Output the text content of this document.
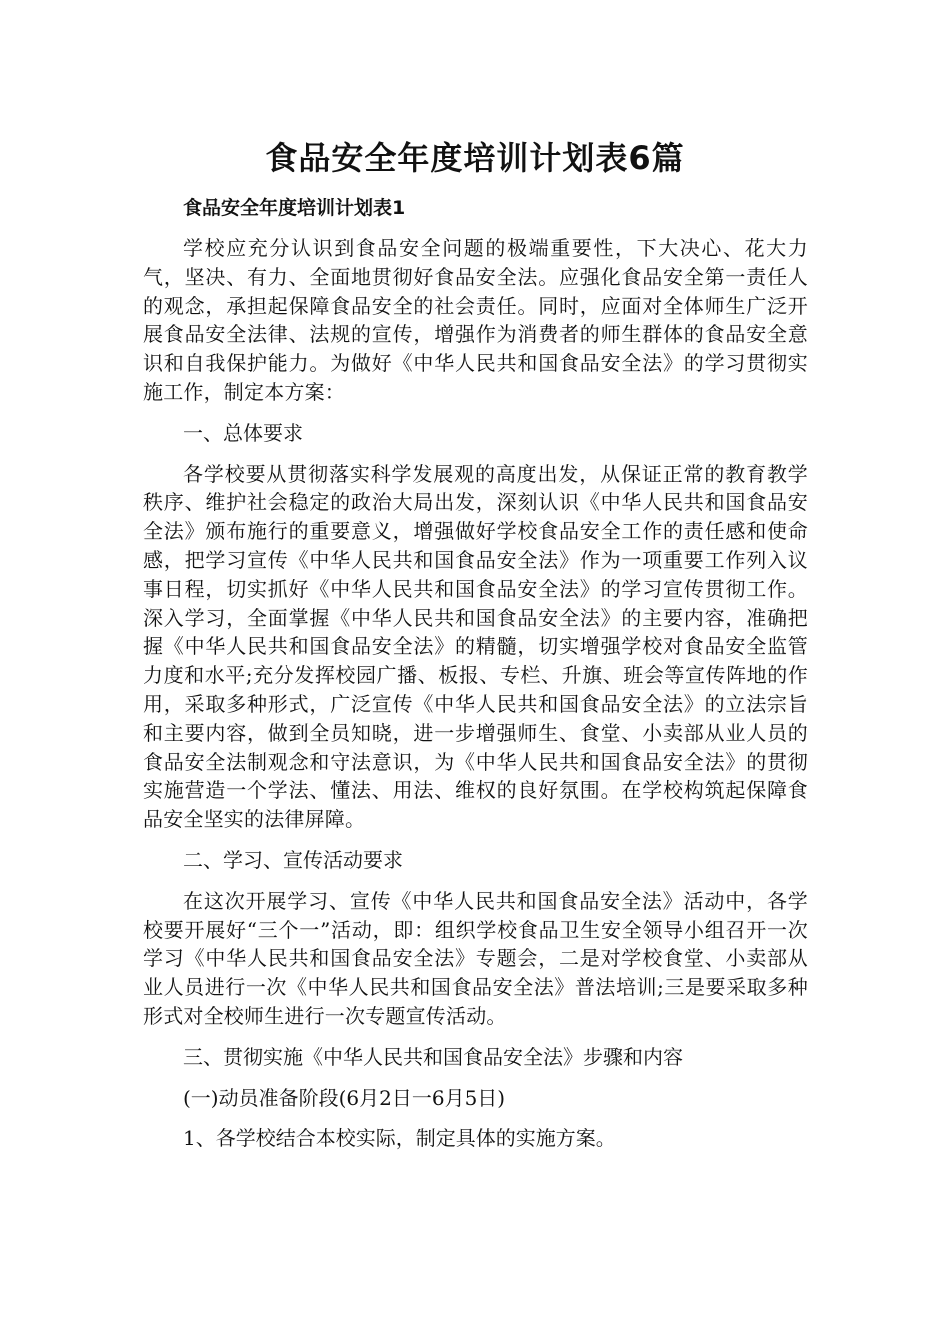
食品安全年度培训计划表6篇
食品安全年度培训计划表1

学校应充分认识到食品安全问题的极端重要性，下大决心、花大力气，坚决、有力、全面地贯彻好食品安全法。应强化食品安全第一责任人的观念，承担起保障食品安全的社会责任。同时，应面对全体师生广泛开展食品安全法律、法规的宣传，增强作为消费者的师生群体的食品安全意识和自我保护能力。为做好《中华人民共和国食品安全法》的学习贯彻实施工作，制定本方案：

一、总体要求

各学校要从贯彻落实科学发展观的高度出发，从保证正常的教育教学秩序、维护社会稳定的政治大局出发，深刻认识《中华人民共和国食品安全法》颁布施行的重要意义，增强做好学校食品安全工作的责任感和使命感，把学习宣传《中华人民共和国食品安全法》作为一项重要工作列入议事日程，切实抓好《中华人民共和国食品安全法》的学习宣传贯彻工作。深入学习，全面掌握《中华人民共和国食品安全法》的主要内容，准确把握《中华人民共和国食品安全法》的精髓，切实增强学校对食品安全监管力度和水平;充分发挥校园广播、板报、专栏、升旗、班会等宣传阵地的作用，采取多种形式，广泛宣传《中华人民共和国食品安全法》的立法宗旨和主要内容，做到全员知晓，进一步增强师生、食堂、小卖部从业人员的食品安全法制观念和守法意识，为《中华人民共和国食品安全法》的贯彻实施营造一个学法、懂法、用法、维权的良好氛围。在学校构筑起保障食品安全坚实的法律屏障。

二、学习、宣传活动要求

在这次开展学习、宣传《中华人民共和国食品安全法》活动中，各学校要开展好“三个一”活动，即：组织学校食品卫生安全领导小组召开一次学习《中华人民共和国食品安全法》专题会，二是对学校食堂、小卖部从业人员进行一次《中华人民共和国食品安全法》普法培训;三是要采取多种形式对全校师生进行一次专题宣传活动。

三、贯彻实施《中华人民共和国食品安全法》步骤和内容

(一)动员准备阶段(6月2日一6月5日)

1、各学校结合本校实际，制定具体的实施方案。
